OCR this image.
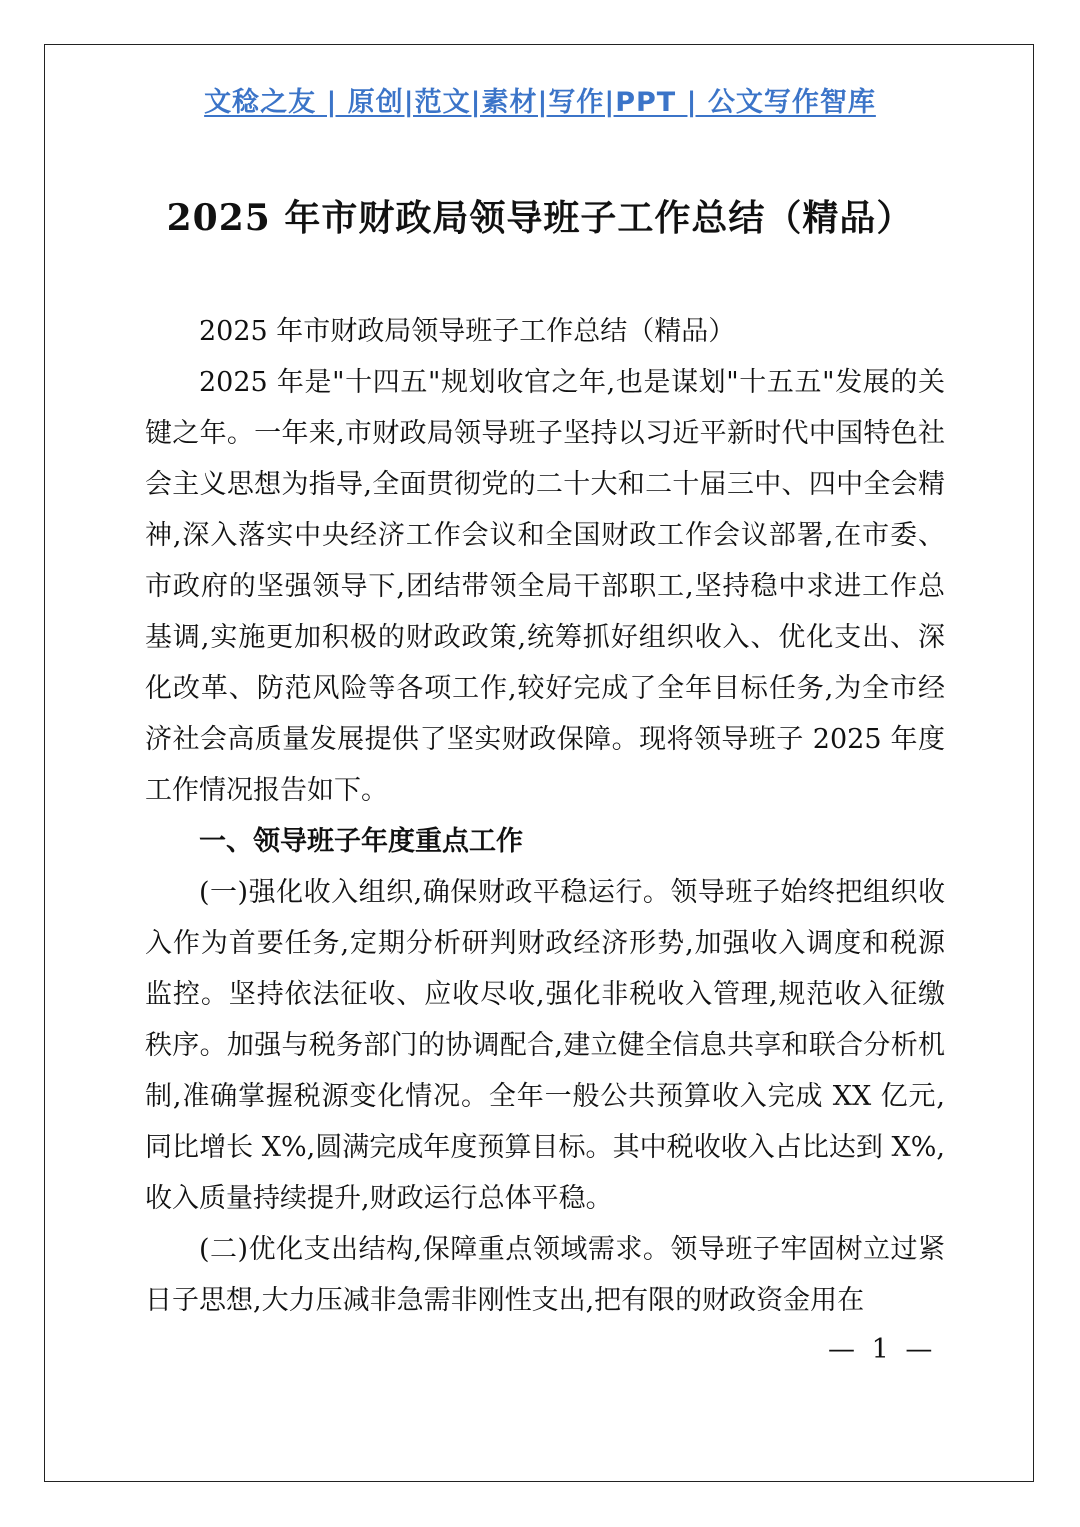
文稔之友 | 原创|范文|素材|写作|PPT | 公文写作智库
2025 年市财政局领导班子工作总结（精品）

2025 年市财政局领导班子工作总结（精品）

2025 年是"十四五"规划收官之年,也是谋划"十五五"发展的关键之年。一年来,市财政局领导班子坚持以习近平新时代中国特色社会主义思想为指导,全面贯彻党的二十大和二十届三中、四中全会精神,深入落实中央经济工作会议和全国财政工作会议部署,在市委、市政府的坚强领导下,团结带领全局干部职工,坚持稳中求进工作总基调,实施更加积极的财政政策,统筹抓好组织收入、优化支出、深化改革、防范风险等各项工作,较好完成了全年目标任务,为全市经济社会高质量发展提供了坚实财政保障。现将领导班子 2025 年度工作情况报告如下。

一、领导班子年度重点工作

(一)强化收入组织,确保财政平稳运行。领导班子始终把组织收入作为首要任务,定期分析研判财政经济形势,加强收入调度和税源监控。坚持依法征收、应收尽收,强化非税收入管理,规范收入征缴秩序。加强与税务部门的协调配合,建立健全信息共享和联合分析机制,准确掌握税源变化情况。全年一般公共预算收入完成 XX 亿元,同比增长 X%,圆满完成年度预算目标。其中税收收入占比达到 X%,收入质量持续提升,财政运行总体平稳。

(二)优化支出结构,保障重点领域需求。领导班子牢固树立过紧日子思想,大力压减非急需非刚性支出,把有限的财政资金用在

— 1 —
